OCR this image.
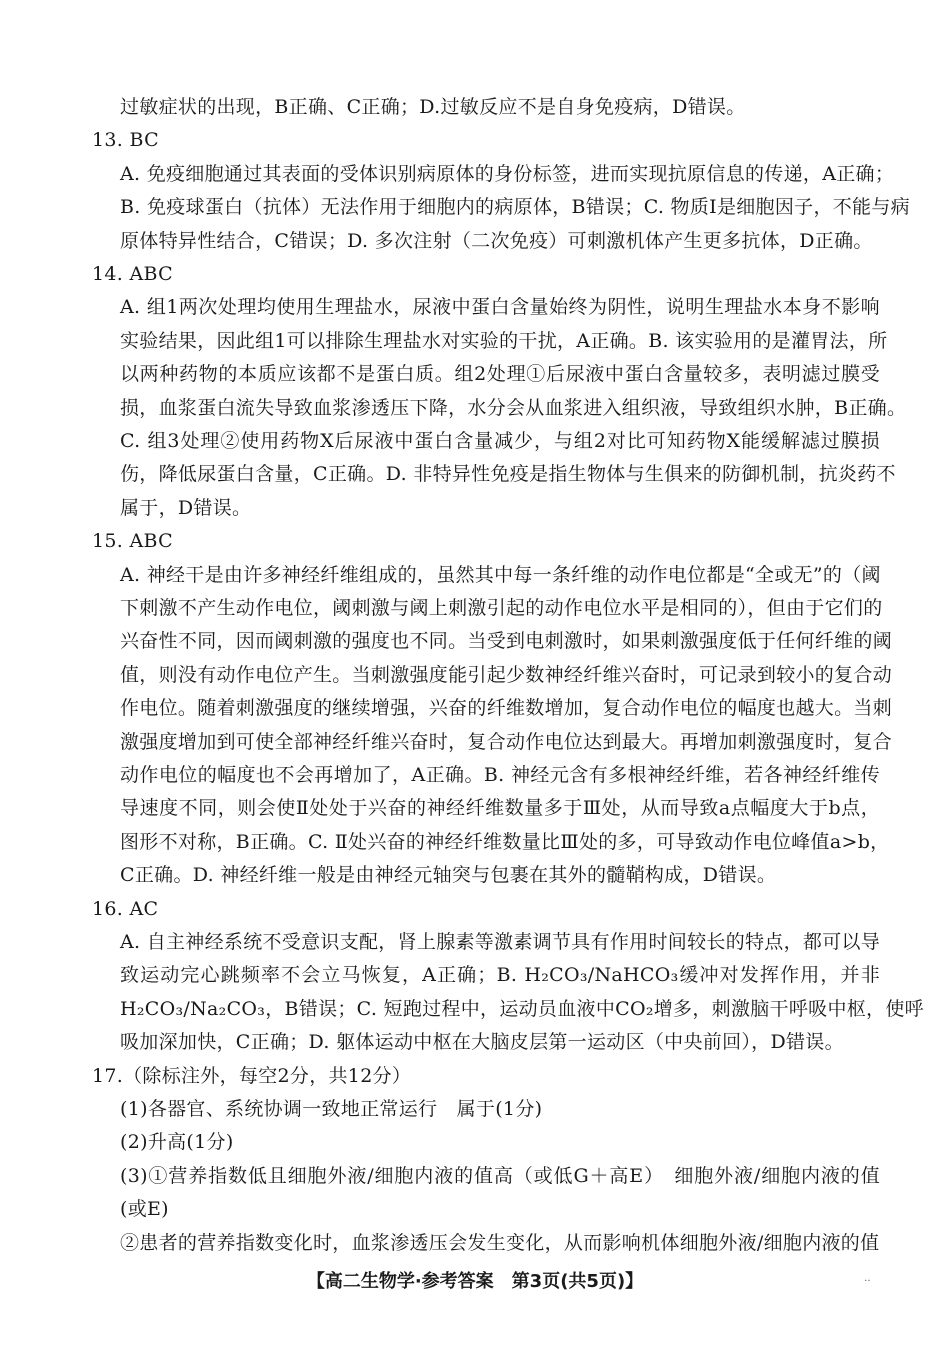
过敏症状的出现，B正确、C正确；D.过敏反应不是自身免疫病，D错误。
13. BC
A. 免疫细胞通过其表面的受体识别病原体的身份标签，进而实现抗原信息的传递，A正确；
B. 免疫球蛋白（抗体）无法作用于细胞内的病原体，B错误；C. 物质Ⅰ是细胞因子，不能与病
原体特异性结合，C错误；D. 多次注射（二次免疫）可刺激机体产生更多抗体，D正确。
14. ABC
A. 组1两次处理均使用生理盐水，尿液中蛋白含量始终为阴性，说明生理盐水本身不影响
实验结果，因此组1可以排除生理盐水对实验的干扰，A正确。B. 该实验用的是灌胃法，所
以两种药物的本质应该都不是蛋白质。组2处理①后尿液中蛋白含量较多，表明滤过膜受
损，血浆蛋白流失导致血浆渗透压下降，水分会从血浆进入组织液，导致组织水肿，B正确。
C. 组3处理②使用药物X后尿液中蛋白含量减少，与组2对比可知药物X能缓解滤过膜损
伤，降低尿蛋白含量，C正确。D. 非特异性免疫是指生物体与生俱来的防御机制，抗炎药不
属于，D错误。
15. ABC
A. 神经干是由许多神经纤维组成的，虽然其中每一条纤维的动作电位都是“全或无”的（阈
下刺激不产生动作电位，阈刺激与阈上刺激引起的动作电位水平是相同的），但由于它们的
兴奋性不同，因而阈刺激的强度也不同。当受到电刺激时，如果刺激强度低于任何纤维的阈
值，则没有动作电位产生。当刺激强度能引起少数神经纤维兴奋时，可记录到较小的复合动
作电位。随着刺激强度的继续增强，兴奋的纤维数增加，复合动作电位的幅度也越大。当刺
激强度增加到可使全部神经纤维兴奋时，复合动作电位达到最大。再增加刺激强度时，复合
动作电位的幅度也不会再增加了，A正确。B. 神经元含有多根神经纤维，若各神经纤维传
导速度不同，则会使Ⅱ处处于兴奋的神经纤维数量多于Ⅲ处，从而导致a点幅度大于b点，
图形不对称，B正确。C. Ⅱ处兴奋的神经纤维数量比Ⅲ处的多，可导致动作电位峰值a>b，
C正确。D. 神经纤维一般是由神经元轴突与包裹在其外的髓鞘构成，D错误。
16. AC
A. 自主神经系统不受意识支配，肾上腺素等激素调节具有作用时间较长的特点，都可以导
致运动完心跳频率不会立马恢复，A正确；B. H₂CO₃/NaHCO₃缓冲对发挥作用，并非
H₂CO₃/Na₂CO₃，B错误；C. 短跑过程中，运动员血液中CO₂增多，刺激脑干呼吸中枢，使呼
吸加深加快，C正确；D. 躯体运动中枢在大脑皮层第一运动区（中央前回），D错误。
17.（除标注外，每空2分，共12分）
(1)各器官、系统协调一致地正常运行　属于(1分)
(2)升高(1分)
(3)①营养指数低且细胞外液/细胞内液的值高（或低G＋高E）　细胞外液/细胞内液的值
(或E)
②患者的营养指数变化时，血浆渗透压会发生变化，从而影响机体细胞外液/细胞内液的值
【高二生物学·参考答案　第3页(共5页)】	‥
